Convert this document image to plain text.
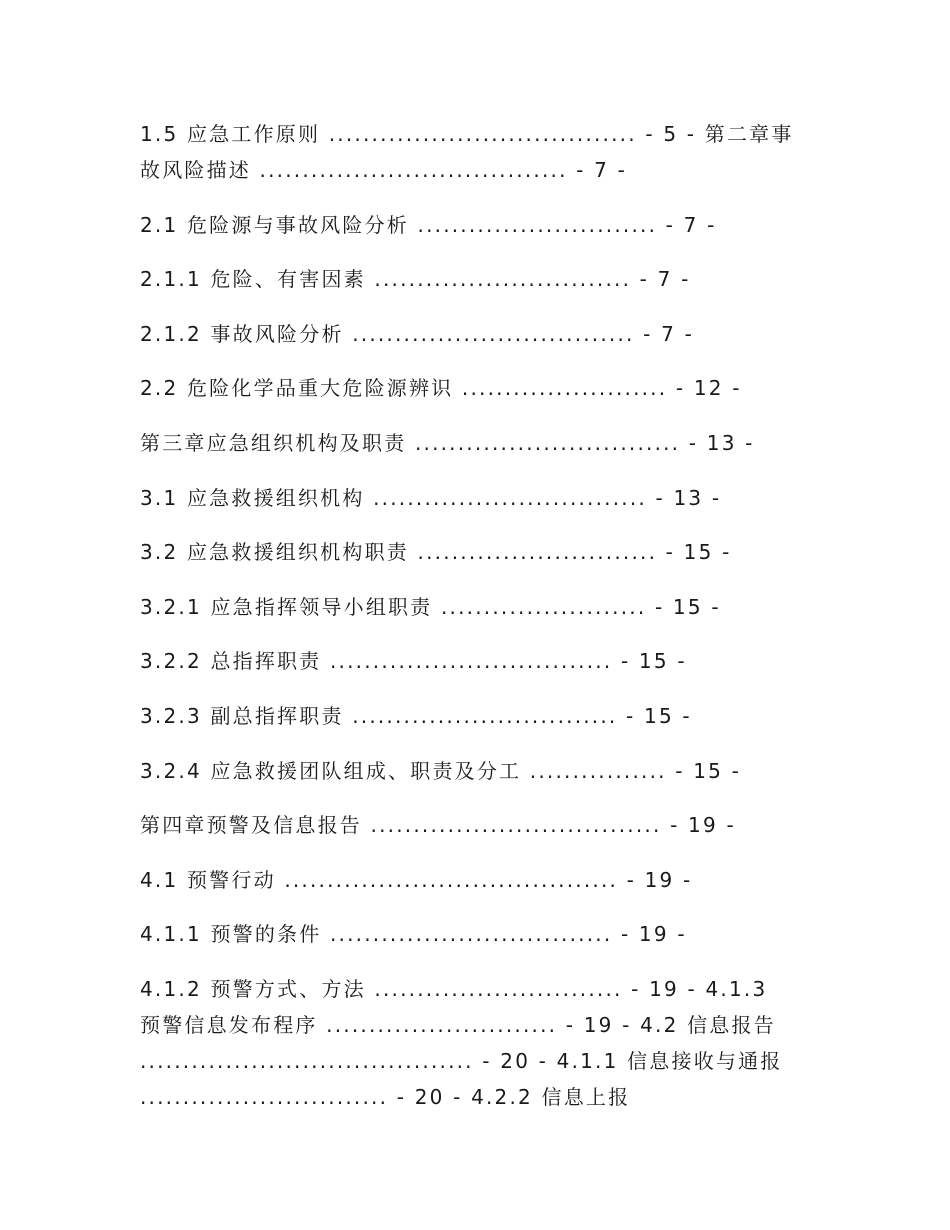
1.5 应急工作原则 .................................... - 5 - 第二章事
故风险描述 .................................... - 7 -
2.1 危险源与事故风险分析 ............................ - 7 -
2.1.1 危险、有害因素 .............................. - 7 -
2.1.2 事故风险分析 ................................. - 7 -
2.2 危险化学品重大危险源辨识 ........................ - 12 -
第三章应急组织机构及职责 ............................... - 13 -
3.1 应急救援组织机构 ................................ - 13 -
3.2 应急救援组织机构职责 ............................ - 15 -
3.2.1 应急指挥领导小组职责 ........................ - 15 -
3.2.2 总指挥职责 ................................. - 15 -
3.2.3 副总指挥职责 ............................... - 15 -
3.2.4 应急救援团队组成、职责及分工 ................ - 15 -
第四章预警及信息报告 .................................. - 19 -
4.1 预警行动 ....................................... - 19 -
4.1.1 预警的条件 ................................. - 19 -
4.1.2 预警方式、方法 ............................. - 19 - 4.1.3
预警信息发布程序 ........................... - 19 - 4.2 信息报告
....................................... - 20 - 4.1.1 信息接收与通报
............................. - 20 - 4.2.2 信息上报
